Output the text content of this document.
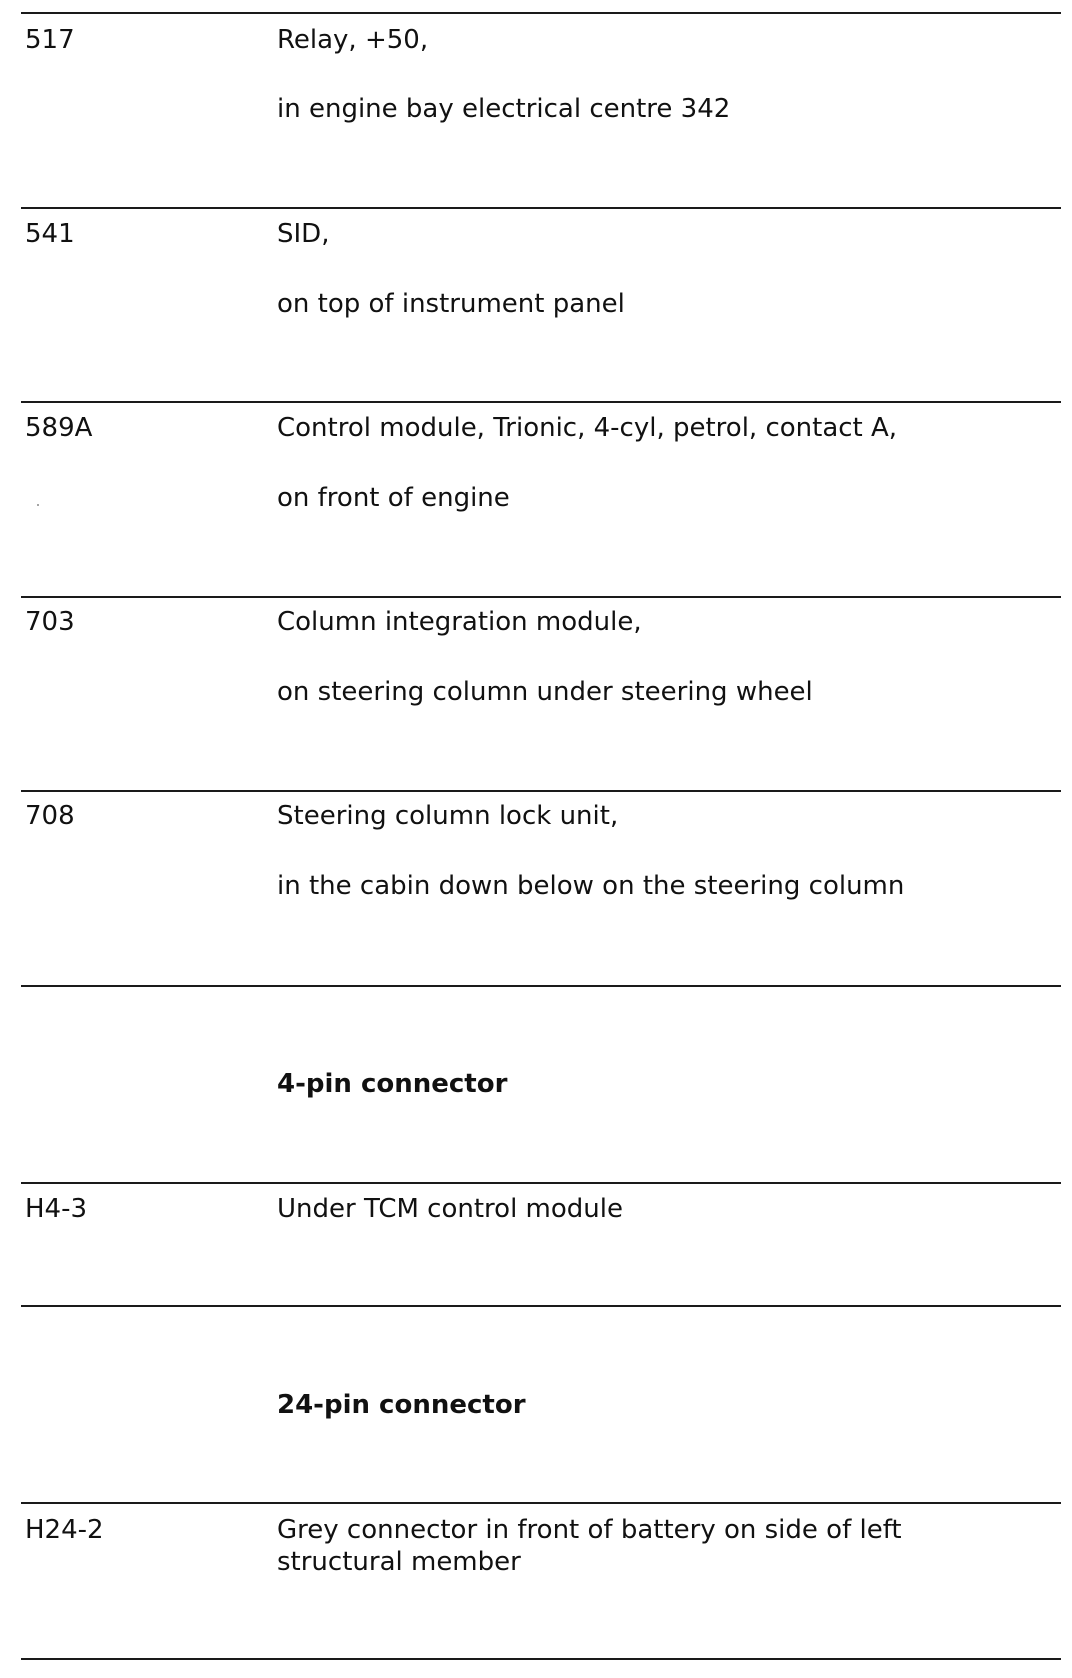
517	Relay, +50,
in engine bay electrical centre 342
541	SID,
on top of instrument panel
589A	Control module, Trionic, 4-cyl, petrol, contact A,
on front of engine
703	Column integration module,
on steering column under steering wheel
708	Steering column lock unit,
in the cabin down below on the steering column
4-pin connector
H4-3	Under TCM control module
24-pin connector
H24-2	Grey connector in front of battery on side of left structural member
